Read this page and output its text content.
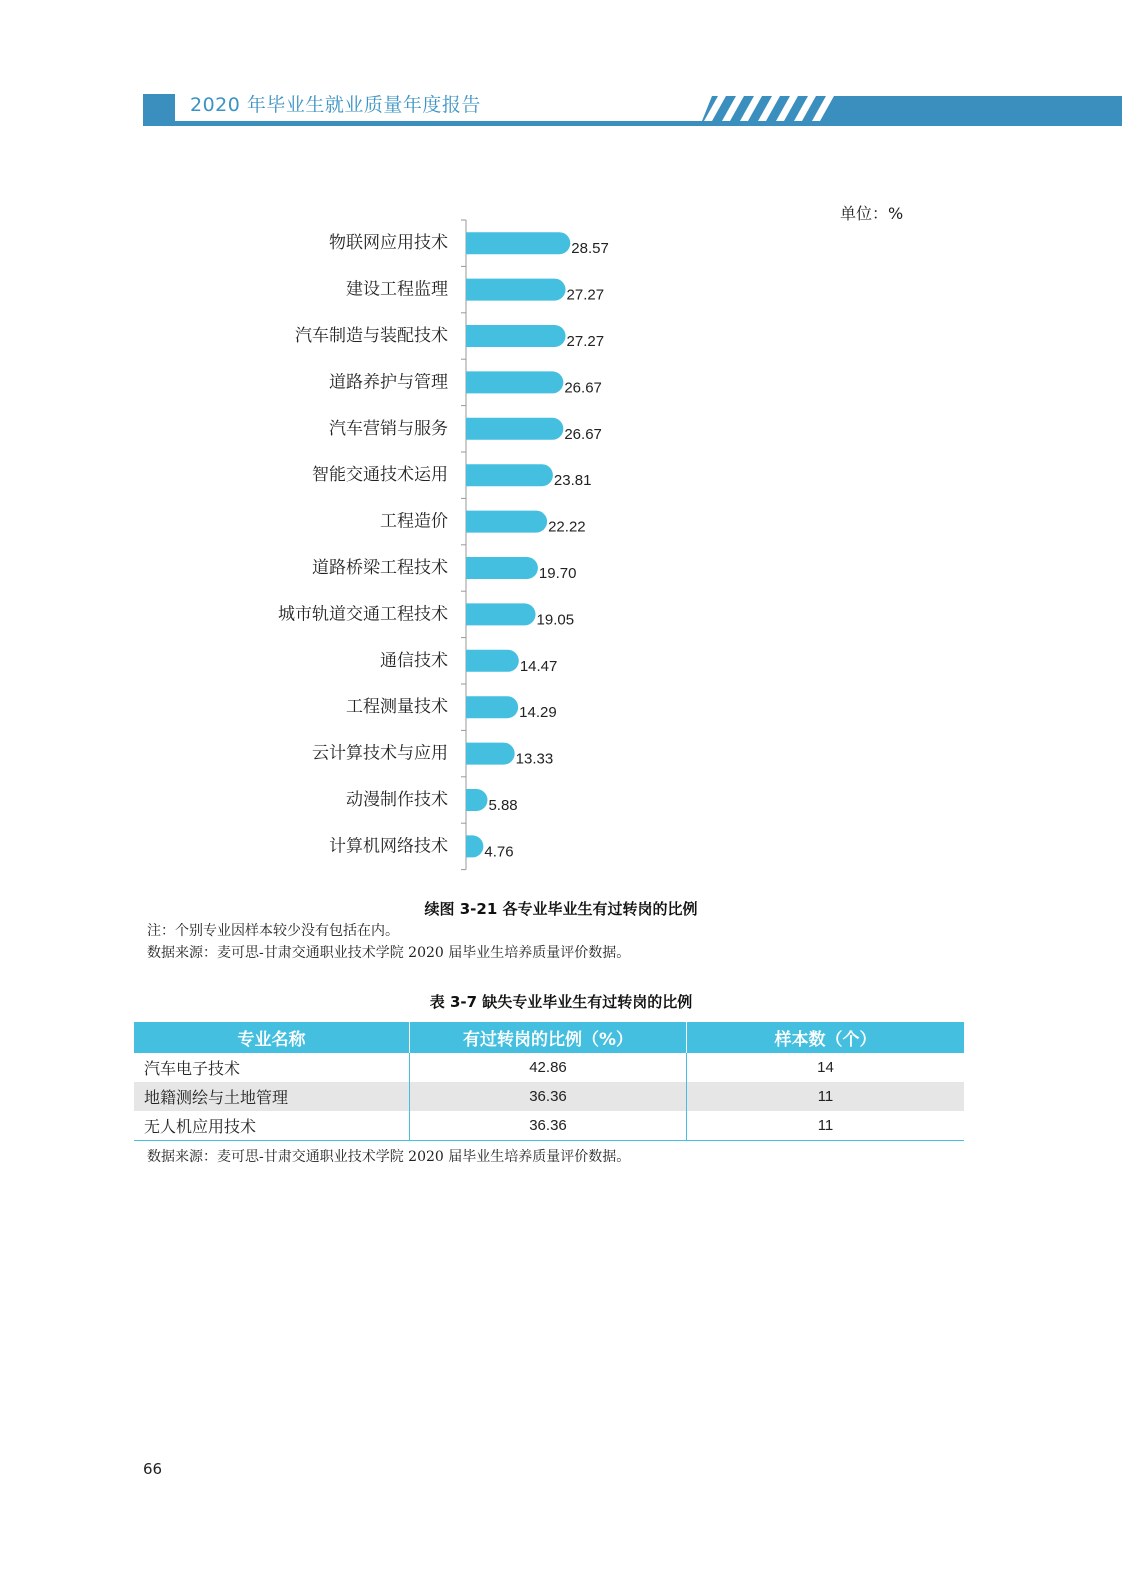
2020 年毕业生就业质量年度报告
单位：%
物联网应用技术	28.57
建设工程监理	27.27
汽车制造与装配技术	27.27
道路养护与管理	26.67
汽车营销与服务	26.67
智能交通技术运用	23.81
工程造价	22.22
道路桥梁工程技术	19.70
城市轨道交通工程技术	19.05
通信技术	14.47
工程测量技术	14.29
云计算技术与应用	13.33
动漫制作技术	5.88
计算机网络技术 4.76
续图 3-21 各专业毕业生有过转岗的比例
注：个别专业因样本较少没有包括在内。
数据来源：麦可思-甘肃交通职业技术学院 2020 届毕业生培养质量评价数据。
表 3-7 缺失专业毕业生有过转岗的比例
专业名称	有过转岗的比例（%）	样本数（个）
汽车电子技术	42.86	14
地籍测绘与土地管理	36.36	11
无人机应用技术	36.36	11
数据来源：麦可思-甘肃交通职业技术学院 2020 届毕业生培养质量评价数据。
66
